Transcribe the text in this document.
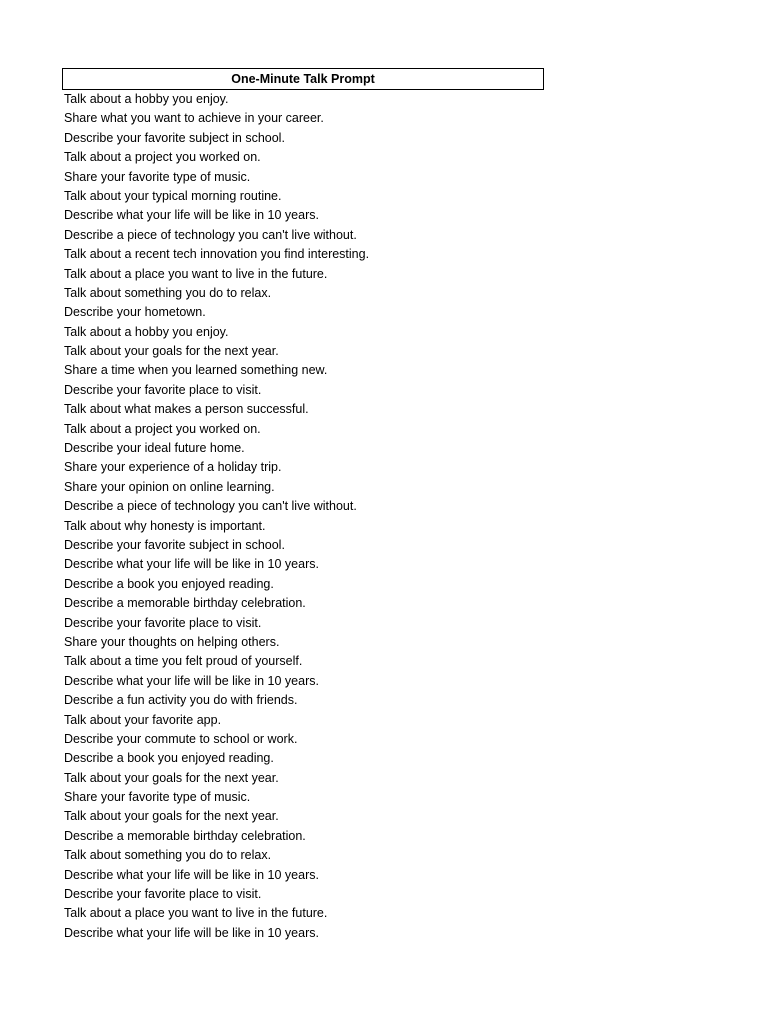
One-Minute Talk Prompt
Talk about a hobby you enjoy.
Share what you want to achieve in your career.
Describe your favorite subject in school.
Talk about a project you worked on.
Share your favorite type of music.
Talk about your typical morning routine.
Describe what your life will be like in 10 years.
Describe a piece of technology you can't live without.
Talk about a recent tech innovation you find interesting.
Talk about a place you want to live in the future.
Talk about something you do to relax.
Describe your hometown.
Talk about a hobby you enjoy.
Talk about your goals for the next year.
Share a time when you learned something new.
Describe your favorite place to visit.
Talk about what makes a person successful.
Talk about a project you worked on.
Describe your ideal future home.
Share your experience of a holiday trip.
Share your opinion on online learning.
Describe a piece of technology you can't live without.
Talk about why honesty is important.
Describe your favorite subject in school.
Describe what your life will be like in 10 years.
Describe a book you enjoyed reading.
Describe a memorable birthday celebration.
Describe your favorite place to visit.
Share your thoughts on helping others.
Talk about a time you felt proud of yourself.
Describe what your life will be like in 10 years.
Describe a fun activity you do with friends.
Talk about your favorite app.
Describe your commute to school or work.
Describe a book you enjoyed reading.
Talk about your goals for the next year.
Share your favorite type of music.
Talk about your goals for the next year.
Describe a memorable birthday celebration.
Talk about something you do to relax.
Describe what your life will be like in 10 years.
Describe your favorite place to visit.
Talk about a place you want to live in the future.
Describe what your life will be like in 10 years.
